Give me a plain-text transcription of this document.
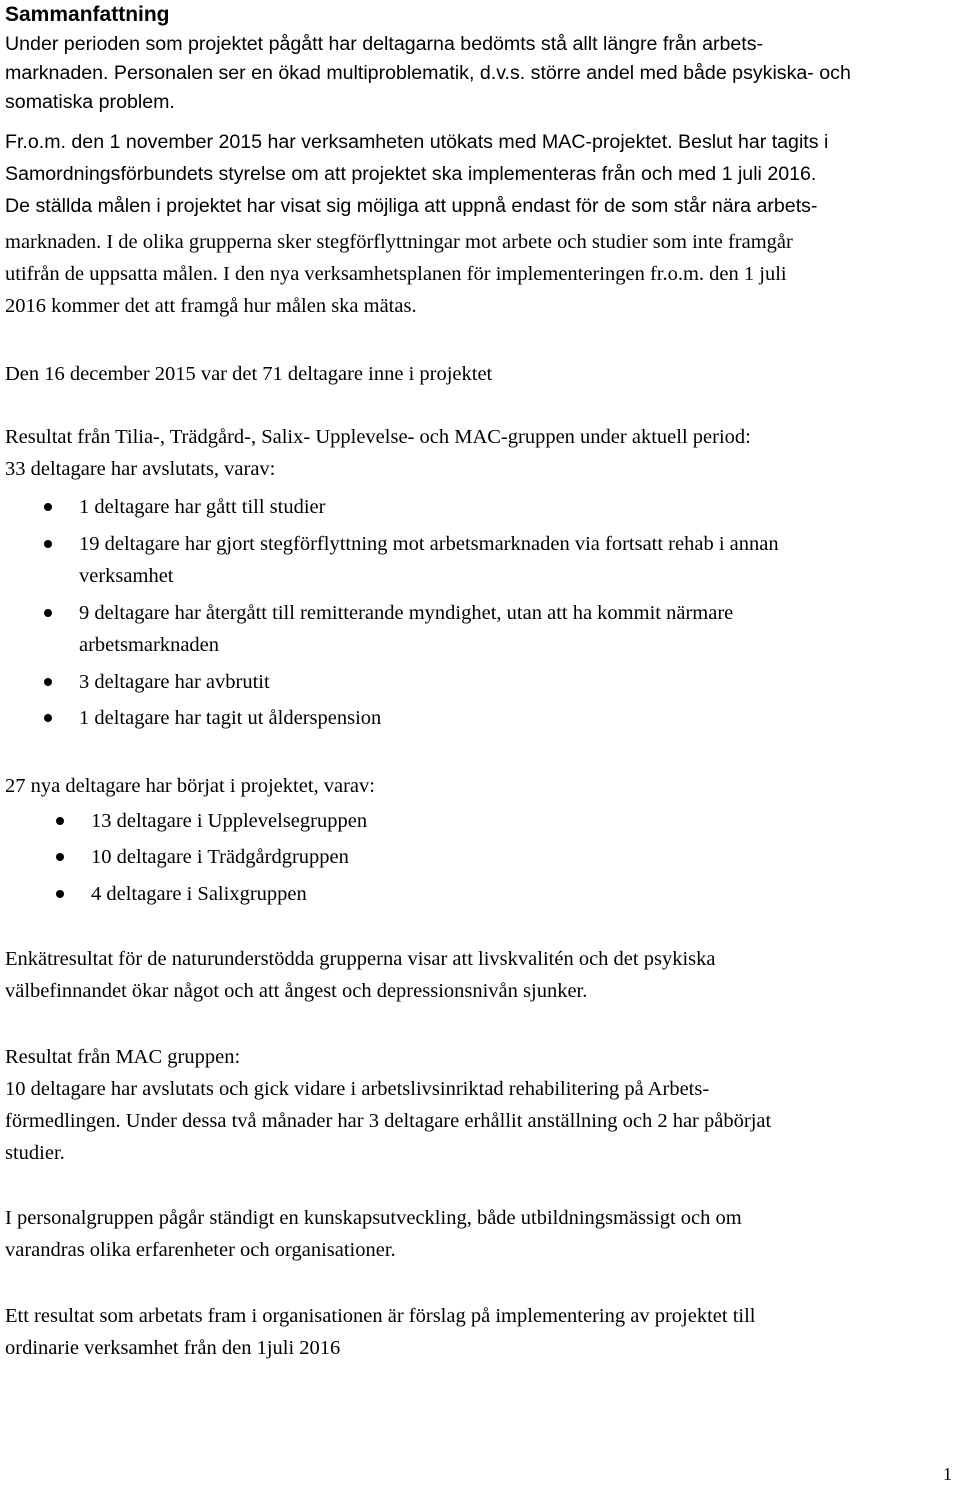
Sammanfattning
Under perioden som projektet pågått har deltagarna bedömts stå allt längre från arbets-
marknaden. Personalen ser en ökad multiproblematik, d.v.s. större andel med både psykiska- och
somatiska problem.
Fr.o.m. den 1 november 2015 har verksamheten utökats med MAC-projektet. Beslut har tagits i
Samordningsförbundets styrelse om att projektet ska implementeras från och med 1 juli 2016.
De ställda målen i projektet har visat sig möjliga att uppnå endast för de som står nära arbets-
marknaden. I de olika grupperna sker stegförflyttningar mot arbete och studier som inte framgår
utifrån de uppsatta målen. I den nya verksamhetsplanen för implementeringen fr.o.m. den 1 juli
2016 kommer det att framgå hur målen ska mätas.
Den 16 december 2015 var det 71 deltagare inne i projektet
Resultat från Tilia-, Trädgård-, Salix- Upplevelse- och MAC-gruppen under aktuell period:
33 deltagare har avslutats, varav:
1 deltagare har gått till studier
19 deltagare har gjort stegförflyttning mot arbetsmarknaden via fortsatt rehab i annan
verksamhet
9 deltagare har återgått till remitterande myndighet, utan att ha kommit närmare
arbetsmarknaden
3 deltagare har avbrutit
1 deltagare har tagit ut ålderspension
27 nya deltagare har börjat i projektet, varav:
13 deltagare i Upplevelsegruppen
10 deltagare i Trädgårdgruppen
4 deltagare i Salixgruppen
Enkätresultat för de naturunderstödda grupperna visar att livskvalitén och det psykiska
välbefinnandet ökar något och att ångest och depressionsnivån sjunker.
Resultat från MAC gruppen:
10 deltagare har avslutats och gick vidare i arbetslivsinriktad rehabilitering på Arbets-
förmedlingen. Under dessa två månader har 3 deltagare erhållit anställning och 2 har påbörjat
studier.
I personalgruppen pågår ständigt en kunskapsutveckling, både utbildningsmässigt och om
varandras olika erfarenheter och organisationer.
Ett resultat som arbetats fram i organisationen är förslag på implementering av projektet till
ordinarie verksamhet från den 1juli 2016
1
